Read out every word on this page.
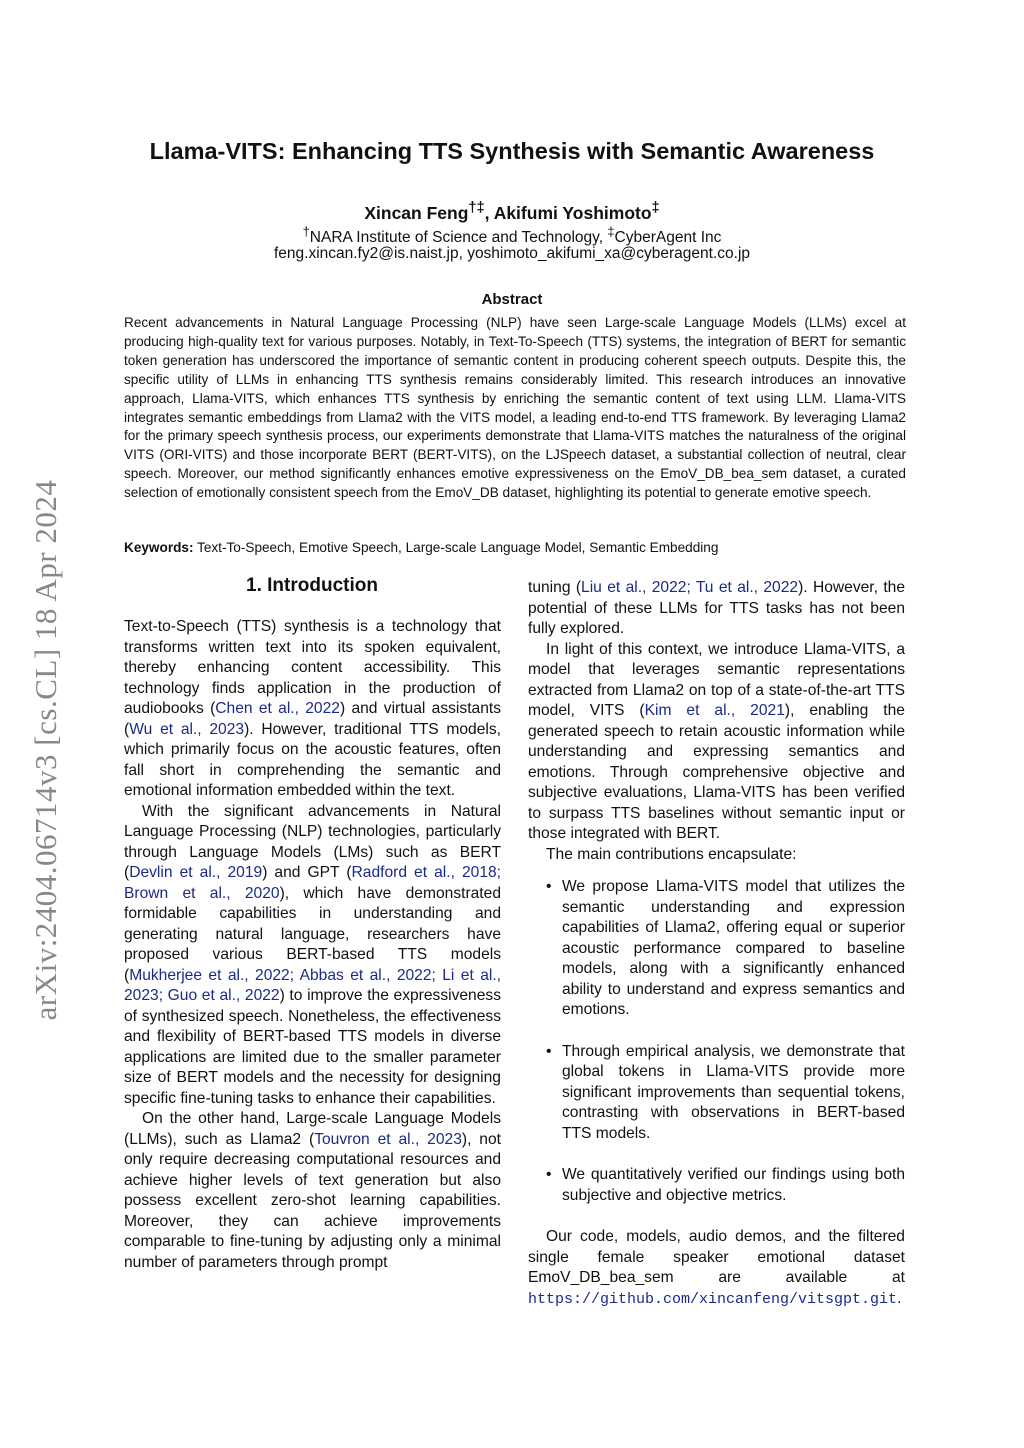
arXiv:2404.06714v3 [cs.CL] 18 Apr 2024
Llama-VITS: Enhancing TTS Synthesis with Semantic Awareness
Xincan Feng†‡, Akifumi Yoshimoto‡
†NARA Institute of Science and Technology, ‡CyberAgent Inc
feng.xincan.fy2@is.naist.jp, yoshimoto_akifumi_xa@cyberagent.co.jp
Abstract
Recent advancements in Natural Language Processing (NLP) have seen Large-scale Language Models (LLMs) excel at producing high-quality text for various purposes. Notably, in Text-To-Speech (TTS) systems, the integration of BERT for semantic token generation has underscored the importance of semantic content in producing coherent speech outputs. Despite this, the specific utility of LLMs in enhancing TTS synthesis remains considerably limited. This research introduces an innovative approach, Llama-VITS, which enhances TTS synthesis by enriching the semantic content of text using LLM. Llama-VITS integrates semantic embeddings from Llama2 with the VITS model, a leading end-to-end TTS framework. By leveraging Llama2 for the primary speech synthesis process, our experiments demonstrate that Llama-VITS matches the naturalness of the original VITS (ORI-VITS) and those incorporate BERT (BERT-VITS), on the LJSpeech dataset, a substantial collection of neutral, clear speech. Moreover, our method significantly enhances emotive expressiveness on the EmoV_DB_bea_sem dataset, a curated selection of emotionally consistent speech from the EmoV_DB dataset, highlighting its potential to generate emotive speech.
Keywords: Text-To-Speech, Emotive Speech, Large-scale Language Model, Semantic Embedding
1. Introduction

Text-to-Speech (TTS) synthesis is a technology that transforms written text into its spoken equivalent, thereby enhancing content accessibility. This technology finds application in the production of audiobooks (Chen et al., 2022) and virtual assistants (Wu et al., 2023). However, traditional TTS models, which primarily focus on the acoustic features, often fall short in comprehending the semantic and emotional information embedded within the text.

With the significant advancements in Natural Language Processing (NLP) technologies, particularly through Language Models (LMs) such as BERT (Devlin et al., 2019) and GPT (Radford et al., 2018; Brown et al., 2020), which have demonstrated formidable capabilities in understanding and generating natural language, researchers have proposed various BERT-based TTS models (Mukherjee et al., 2022; Abbas et al., 2022; Li et al., 2023; Guo et al., 2022) to improve the expressiveness of synthesized speech. Nonetheless, the effectiveness and flexibility of BERT-based TTS models in diverse applications are limited due to the smaller parameter size of BERT models and the necessity for designing specific fine-tuning tasks to enhance their capabilities.

On the other hand, Large-scale Language Models (LLMs), such as Llama2 (Touvron et al., 2023), not only require decreasing computational resources and achieve higher levels of text generation but also possess excellent zero-shot learning capabilities. Moreover, they can achieve improvements comparable to fine-tuning by adjusting only a minimal number of parameters through prompt

tuning (Liu et al., 2022; Tu et al., 2022). However, the potential of these LLMs for TTS tasks has not been fully explored.

In light of this context, we introduce Llama-VITS, a model that leverages semantic representations extracted from Llama2 on top of a state-of-the-art TTS model, VITS (Kim et al., 2021), enabling the generated speech to retain acoustic information while understanding and expressing semantics and emotions. Through comprehensive objective and subjective evaluations, Llama-VITS has been verified to surpass TTS baselines without semantic input or those integrated with BERT.

The main contributions encapsulate:

• We propose Llama-VITS model that utilizes the semantic understanding and expression capabilities of Llama2, offering equal or superior acoustic performance compared to baseline models, along with a significantly enhanced ability to understand and express semantics and emotions.
• Through empirical analysis, we demonstrate that global tokens in Llama-VITS provide more significant improvements than sequential tokens, contrasting with observations in BERT-based TTS models.
• We quantitatively verified our findings using both subjective and objective metrics.

Our code, models, audio demos, and the filtered single female speaker emotional dataset EmoV_DB_bea_sem are available at https://github.com/xincanfeng/vitsgpt.git.
